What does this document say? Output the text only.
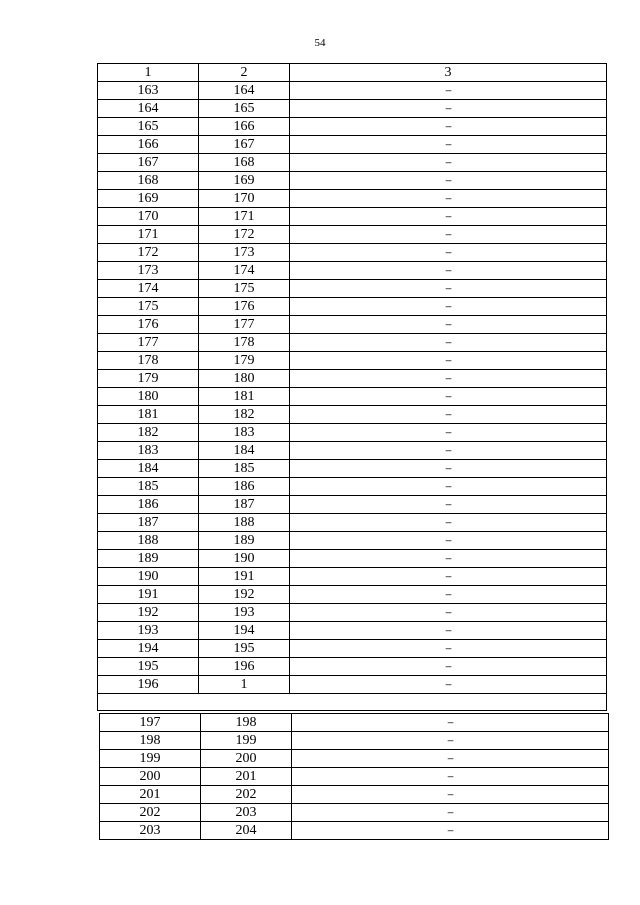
54
1	2	3
163	164	–
164	165	–
165	166	–
166	167	–
167	168	–
168	169	–
169	170	–
170	171	–
171	172	–
172	173	–
173	174	–
174	175	–
175	176	–
176	177	–
177	178	–
178	179	–
179	180	–
180	181	–
181	182	–
182	183	–
183	184	–
184	185	–
185	186	–
186	187	–
187	188	–
188	189	–
189	190	–
190	191	–
191	192	–
192	193	–
193	194	–
194	195	–
195	196	–
196	1	–

197	198	–
198	199	–
199	200	–
200	201	–
201	202	–
202	203	–
203	204	–
